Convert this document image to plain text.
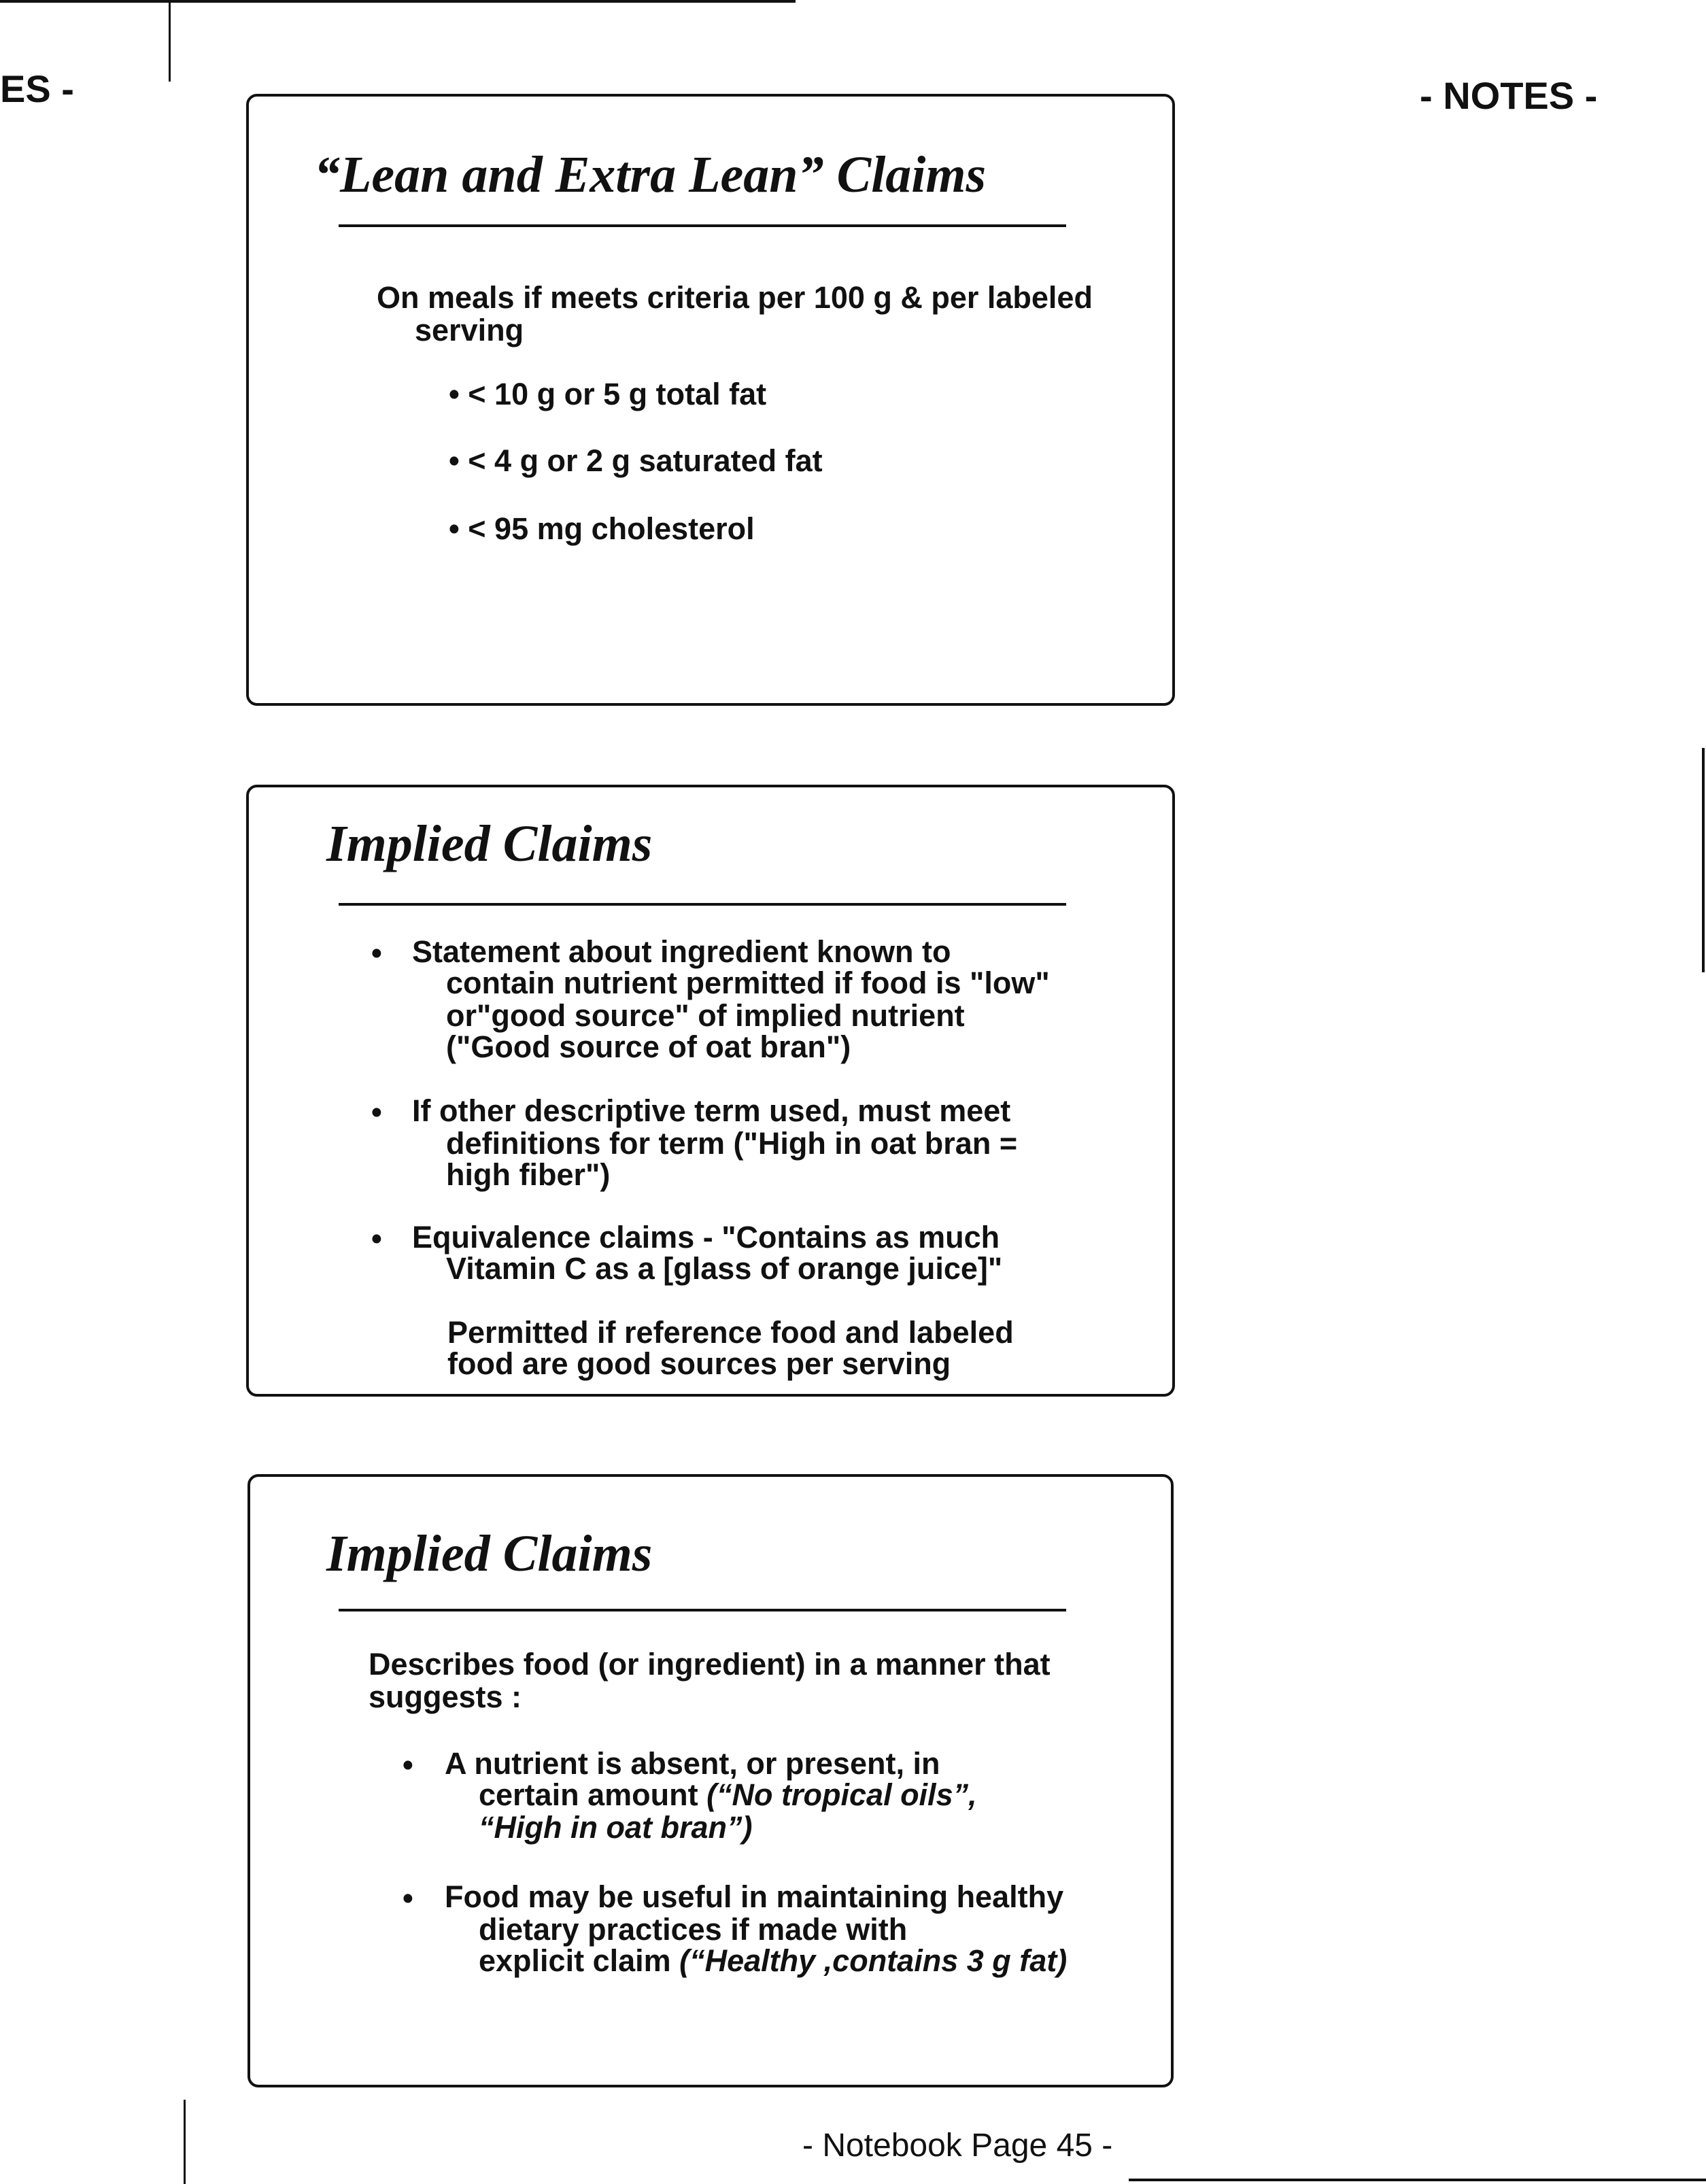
ES -	- NOTES -
“Lean and Extra Lean” Claims
On meals if meets criteria per 100 g & per labeled
serving
• < 10 g or 5 g total fat
• < 4 g or 2 g saturated fat
• < 95 mg cholesterol
Implied Claims
• Statement about ingredient known to
contain nutrient permitted if food is "low"
or"good source" of implied nutrient
("Good source of oat bran")
• If other descriptive term used, must meet
definitions for term ("High in oat bran =
high fiber")
• Equivalence claims - "Contains as much
Vitamin C as a [glass of orange juice]"
Permitted if reference food and labeled
food are good sources per serving
Implied Claims
Describes food (or ingredient) in a manner that
suggests :
• A nutrient is absent, or present, in
certain amount (“No tropical oils”,
“High in oat bran”)
• Food may be useful in maintaining healthy
dietary practices if made with
explicit claim (“Healthy ,contains 3 g fat)
- Notebook Page 45 -
